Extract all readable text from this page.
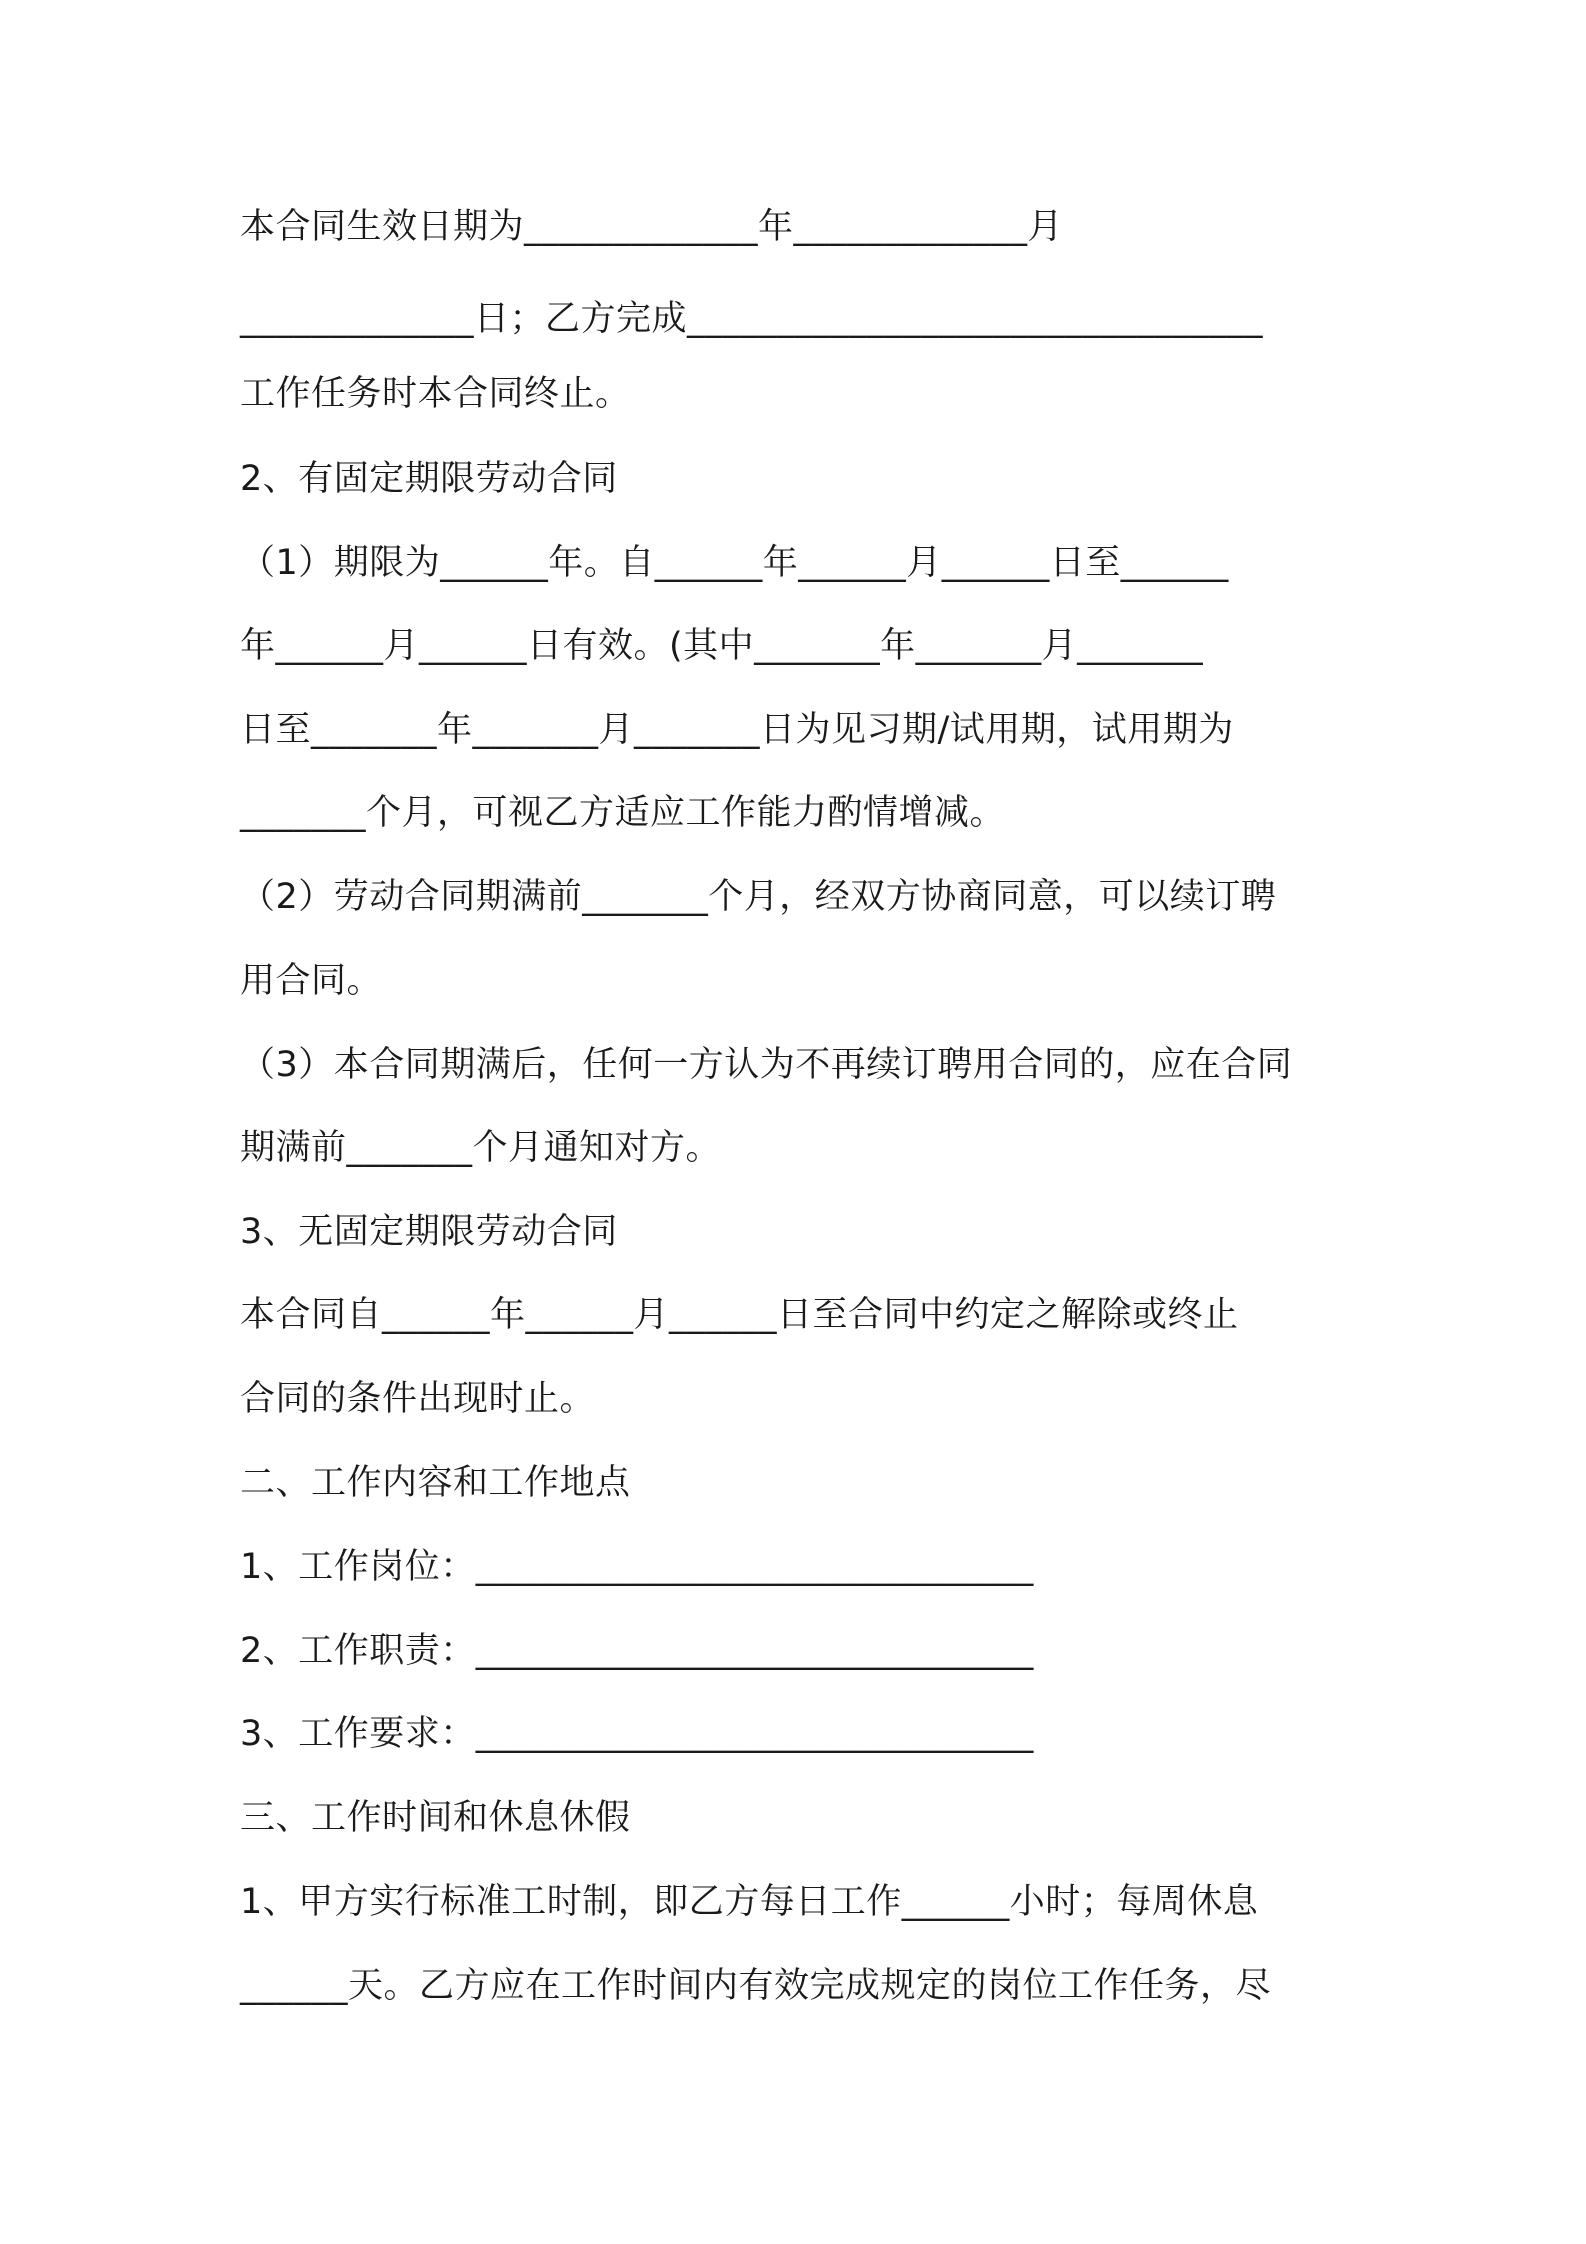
本合同生效日期为_____________年_____________月
_____________日；乙方完成________________________________
工作任务时本合同终止。
2、有固定期限劳动合同
（1）期限为______年。自______年______月______日至______
年______月______日有效。(其中_______年_______月_______
日至_______年_______月_______日为见习期/试用期，试用期为
_______个月，可视乙方适应工作能力酌情增减。
（2）劳动合同期满前_______个月，经双方协商同意，可以续订聘
用合同。
（3）本合同期满后，任何一方认为不再续订聘用合同的，应在合同
期满前_______个月通知对方。
3、无固定期限劳动合同
本合同自______年______月______日至合同中约定之解除或终止
合同的条件出现时止。
二、工作内容和工作地点
1、工作岗位：_______________________________
2、工作职责：_______________________________
3、工作要求：_______________________________
三、工作时间和休息休假
1、甲方实行标准工时制，即乙方每日工作______小时；每周休息
______天。乙方应在工作时间内有效完成规定的岗位工作任务，尽
